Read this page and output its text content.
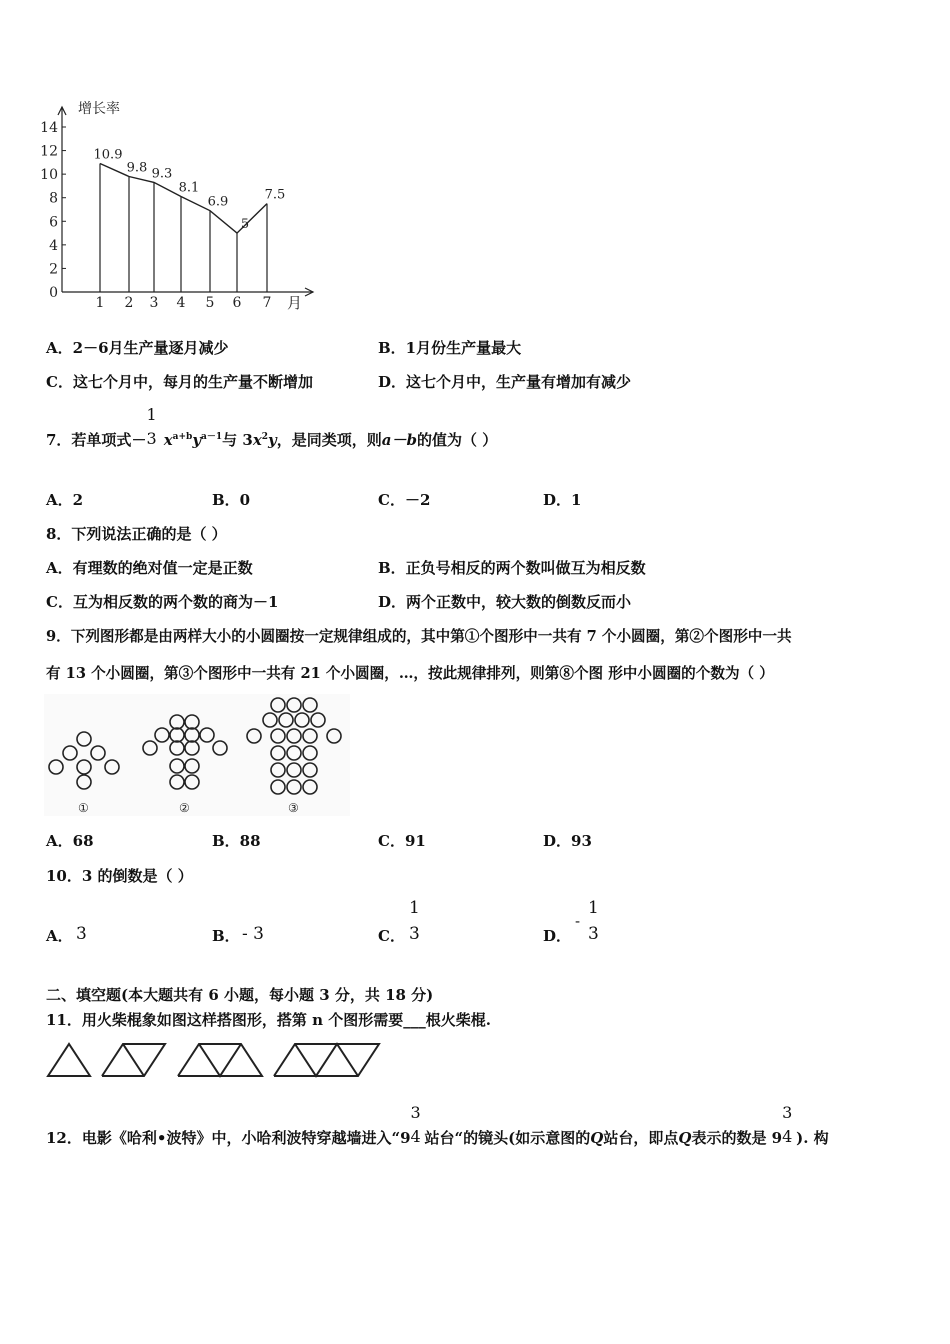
增长率
月
0
2
4
6
8
10
12
14
1 2 3 4 5 6 7
10.9
9.8 9.3
8.1
6.9
5
7.5
A．2－6月生产量逐月减少	B．1月份生产量最大
C．这七个月中，每月的生产量不断增加	D．这七个月中，生产量有增加有减少
7．若单项式－
1
3 $x^{a+b}y^{a-1}$与 $3x^2y$，是同类项，则a－b的值为（ ）
A．2	B．0	C．－2	D．1
8．下列说法正确的是（ ）
A．有理数的绝对值一定是正数	B．正负号相反的两个数叫做互为相反数
C．互为相反数的两个数的商为－1	D．两个正数中，较大数的倒数反而小
9．下列图形都是由两样大小的小圆圈按一定规律组成的，其中第①个图形中一共有 7 个小圆圈，第②个图形中一共
有 13 个小圆圈，第③个图形中一共有 21 个小圆圈，…，按此规律排列，则第⑧个图 形中小圆圈的个数为（ ）
①	②	③
A．68	B．88	C．91	D．93
10．3 的倒数是（ ）
A． 3	B． - 3	C．
1
3	D．
-
1
3
二、填空题(本大题共有 6 小题，每小题 3 分，共 18 分)
11．用火柴棍象如图这样搭图形，搭第 n 个图形需要___根火柴棍.
12．电影《哈利•波特》中，小哈利波特穿越墙进入“9
3
4 站台“的镜头(如示意图的Q站台，即点Q表示的数是 9
3
4 ). 构
